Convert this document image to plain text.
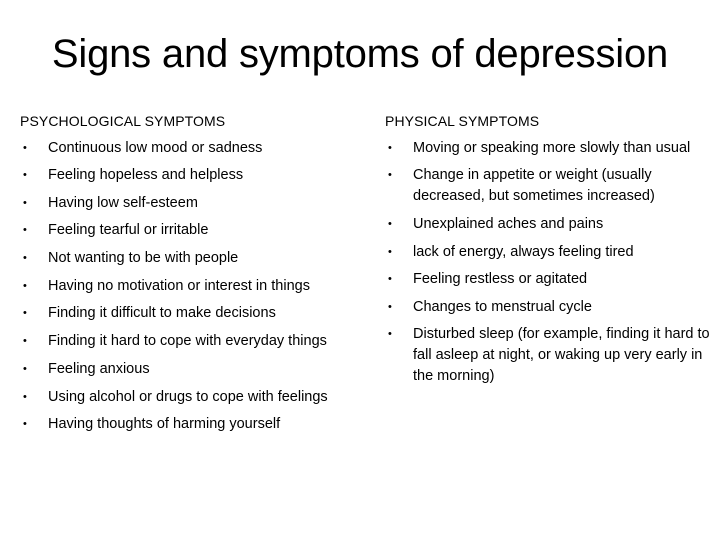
Signs and symptoms of depression
PSYCHOLOGICAL SYMPTOMS	PHYSICAL SYMPTOMS
•	Continuous low mood or sadness
•	Feeling hopeless and helpless
•	Having low self-esteem
•	Feeling tearful or irritable
•	Not wanting to be with people
•	Having no motivation or interest in things
•	Finding it difficult to make decisions
•	Finding it hard to cope with everyday things
•	Feeling anxious
•	Using alcohol or drugs to cope with feelings
•	Having thoughts of harming yourself
•	Moving or speaking more slowly than usual
•	Change in appetite or weight (usually decreased, but sometimes increased)
•	Unexplained aches and pains
•	lack of energy, always feeling tired
•	Feeling restless or agitated
•	Changes to menstrual cycle
•	Disturbed sleep (for example, finding it hard to fall asleep at night, or waking up very early in the morning)
